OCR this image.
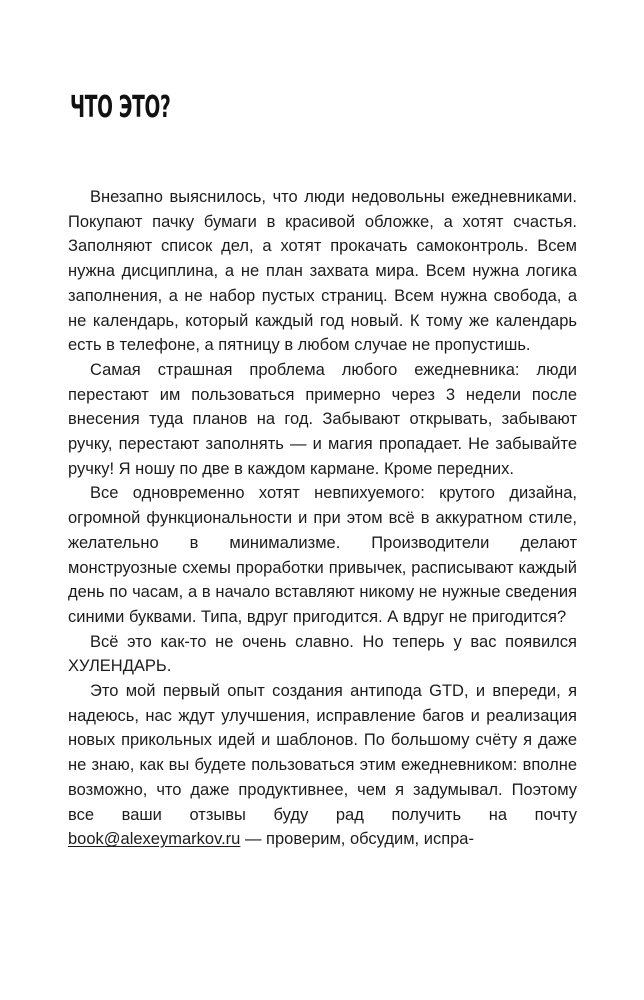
ЧТО ЭТО?

Внезапно выяснилось, что люди недовольны ежедневниками. Покупают пачку бумаги в красивой обложке, а хотят счастья. Заполняют список дел, а хотят прокачать самоконтроль. Всем нужна дисциплина, а не план захвата мира. Всем нужна логика заполнения, а не набор пустых страниц. Всем нужна свобода, а не календарь, который каждый год новый. К тому же календарь есть в телефоне, а пятницу в любом случае не пропустишь.

Самая страшная проблема любого ежедневника: люди перестают им пользоваться примерно через 3 недели после внесения туда планов на год. Забывают открывать, забывают ручку, перестают заполнять — и магия пропадает. Не забывайте ручку! Я ношу по две в каждом кармане. Кроме передних.

Все одновременно хотят невпихуемого: крутого дизайна, огромной функциональности и при этом всё в аккуратном стиле, желательно в минимализме. Производители делают монструозные схемы проработки привычек, расписывают каждый день по часам, а в начало вставляют никому не нужные сведения синими буквами. Типа, вдруг пригодится. А вдруг не пригодится?

Всё это как-то не очень славно. Но теперь у вас появился ХУЛЕНДАРЬ.

Это мой первый опыт создания антипода GTD, и впереди, я надеюсь, нас ждут улучшения, исправление багов и реализация новых прикольных идей и шаблонов. По большому счёту я даже не знаю, как вы будете пользоваться этим ежедневником: вполне возможно, что даже продуктивнее, чем я задумывал. Поэтому все ваши отзывы буду рад получить на почту book@alexeymarkov.ru — проверим, обсудим, испра-
